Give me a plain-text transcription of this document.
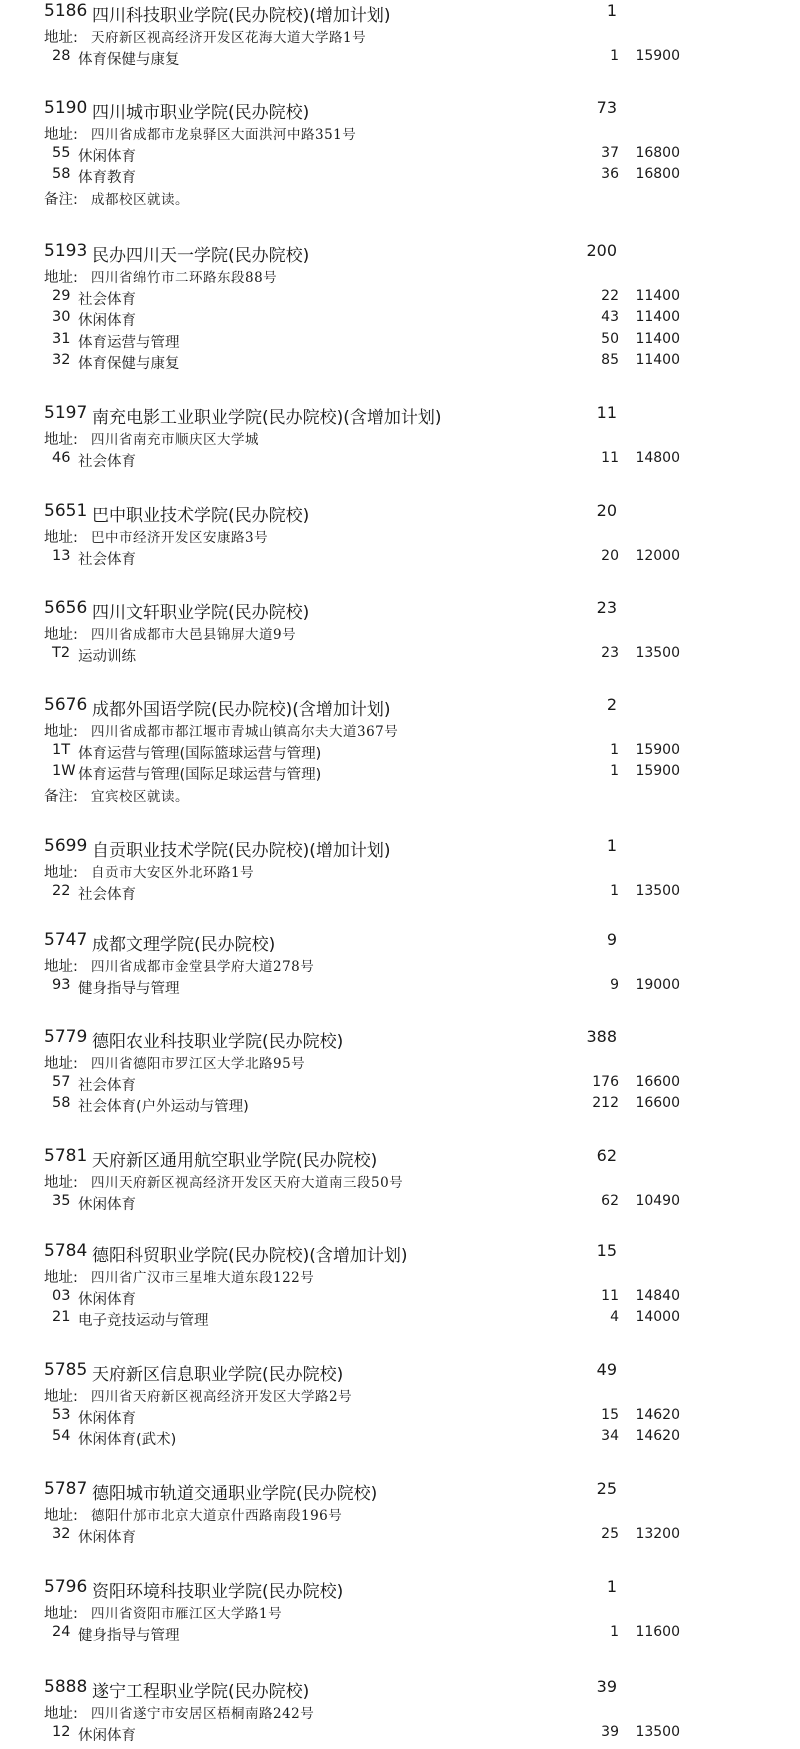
5186 四川科技职业学院(民办院校)(增加计划)	1
地址: 天府新区视高经济开发区花海大道大学路1号
28 体育保健与康复	1 15900
5190 四川城市职业学院(民办院校)	73
地址: 四川省成都市龙泉驿区大面洪河中路351号
55 休闲体育	37 16800
58 体育教育	36 16800
备注: 成都校区就读。
5193 民办四川天一学院(民办院校)	200
地址: 四川省绵竹市二环路东段88号
29 社会体育	22 11400
30 休闲体育	43 11400
31 体育运营与管理	50 11400
32 体育保健与康复	85 11400
5197 南充电影工业职业学院(民办院校)(含增加计划)	11
地址: 四川省南充市顺庆区大学城
46 社会体育	11 14800
5651 巴中职业技术学院(民办院校)	20
地址: 巴中市经济开发区安康路3号
13 社会体育	20 12000
5656 四川文轩职业学院(民办院校)	23
地址: 四川省成都市大邑县锦屏大道9号
T2 运动训练	23 13500
5676 成都外国语学院(民办院校)(含增加计划)	2
地址: 四川省成都市都江堰市青城山镇高尔夫大道367号
1T 体育运营与管理(国际篮球运营与管理)	1 15900
1W 体育运营与管理(国际足球运营与管理)	1 15900
备注: 宜宾校区就读。
5699 自贡职业技术学院(民办院校)(增加计划)	1
地址: 自贡市大安区外北环路1号
22 社会体育	1 13500
5747 成都文理学院(民办院校)	9
地址: 四川省成都市金堂县学府大道278号
93 健身指导与管理	9 19000
5779 德阳农业科技职业学院(民办院校)	388
地址: 四川省德阳市罗江区大学北路95号
57 社会体育	176 16600
58 社会体育(户外运动与管理)	212 16600
5781 天府新区通用航空职业学院(民办院校)	62
地址: 四川天府新区视高经济开发区天府大道南三段50号
35 休闲体育	62 10490
5784 德阳科贸职业学院(民办院校)(含增加计划)	15
地址: 四川省广汉市三星堆大道东段122号
03 休闲体育	11 14840
21 电子竞技运动与管理	4 14000
5785 天府新区信息职业学院(民办院校)	49
地址: 四川省天府新区视高经济开发区大学路2号
53 休闲体育	15 14620
54 休闲体育(武术)	34 14620
5787 德阳城市轨道交通职业学院(民办院校)	25
地址: 德阳什邡市北京大道京什西路南段196号
32 休闲体育	25 13200
5796 资阳环境科技职业学院(民办院校)	1
地址: 四川省资阳市雁江区大学路1号
24 健身指导与管理	1 11600
5888 遂宁工程职业学院(民办院校)	39
地址: 四川省遂宁市安居区梧桐南路242号
12 休闲体育	39 13500
